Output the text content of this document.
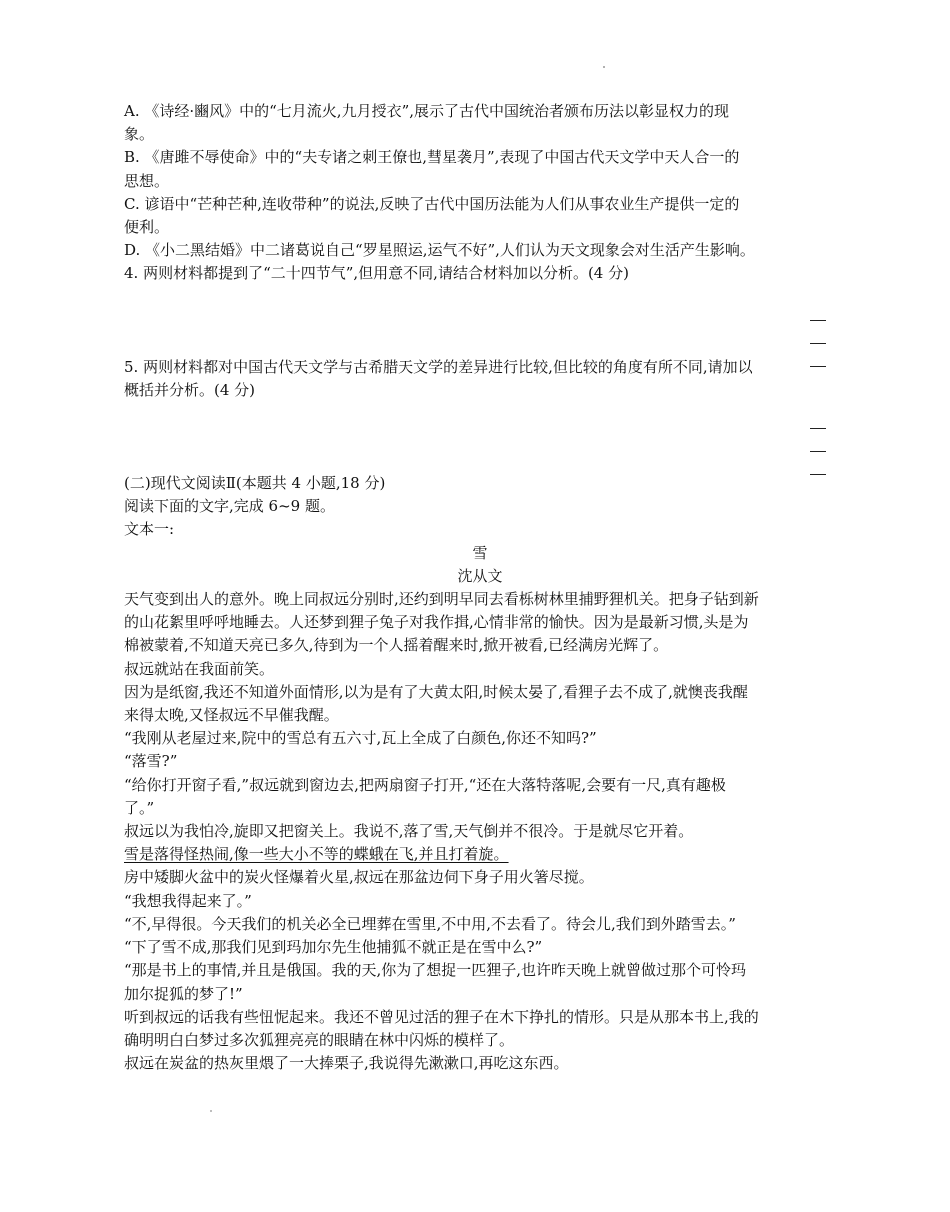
A. 《诗经·豳风》中的“七月流火,九月授衣”,展示了古代中国统治者颁布历法以彰显权力的现
象。
B. 《唐雎不辱使命》中的“夫专诸之刺王僚也,彗星袭月”,表现了中国古代天文学中天人合一的
思想。
C. 谚语中“芒种芒种,连收带种”的说法,反映了古代中国历法能为人们从事农业生产提供一定的
便利。
D. 《小二黑结婚》中二诸葛说自己“罗星照运,运气不好”,人们认为天文现象会对生活产生影响。
4. 两则材料都提到了“二十四节气”,但用意不同,请结合材料加以分析。(4 分)
5. 两则材料都对中国古代天文学与古希腊天文学的差异进行比较,但比较的角度有所不同,请加以
概括并分析。(4 分)
(二)现代文阅读Ⅱ(本题共 4 小题,18 分)
阅读下面的文字,完成 6~9 题。
文本一:
雪
沈从文
天气变到出人的意外。晚上同叔远分别时,还约到明早同去看栎树林里捕野狸机关。把身子钻到新
的山花絮里呼呼地睡去。人还梦到狸子兔子对我作揖,心情非常的愉快。因为是最新习惯,头是为
棉被蒙着,不知道天亮已多久,待到为一个人摇着醒来时,掀开被看,已经满房光辉了。
叔远就站在我面前笑。
因为是纸窗,我还不知道外面情形,以为是有了大黄太阳,时候太晏了,看狸子去不成了,就懊丧我醒
来得太晚,又怪叔远不早催我醒。
“我刚从老屋过来,院中的雪总有五六寸,瓦上全成了白颜色,你还不知吗?”
“落雪?”
“给你打开窗子看,”叔远就到窗边去,把两扇窗子打开,“还在大落特落呢,会要有一尺,真有趣极
了。”
叔远以为我怕冷,旋即又把窗关上。我说不,落了雪,天气倒并不很冷。于是就尽它开着。
雪是落得怪热闹,像一些大小不等的蝶蛾在飞,并且打着旋。
房中矮脚火盆中的炭火怪爆着火星,叔远在那盆边伺下身子用火箸尽搅。
“我想我得起来了。”
“不,早得很。今天我们的机关必全已埋葬在雪里,不中用,不去看了。待会儿,我们到外踏雪去。”
“下了雪不成,那我们见到玛加尔先生他捕狐不就正是在雪中么?”
“那是书上的事情,并且是俄国。我的天,你为了想捉一匹狸子,也许昨天晚上就曾做过那个可怜玛
加尔捉狐的梦了!”
听到叔远的话我有些忸怩起来。我还不曾见过活的狸子在木下挣扎的情形。只是从那本书上,我的
确明明白白梦过多次狐狸亮亮的眼睛在林中闪烁的模样了。
叔远在炭盆的热灰里煨了一大捧栗子,我说得先漱漱口,再吃这东西。
